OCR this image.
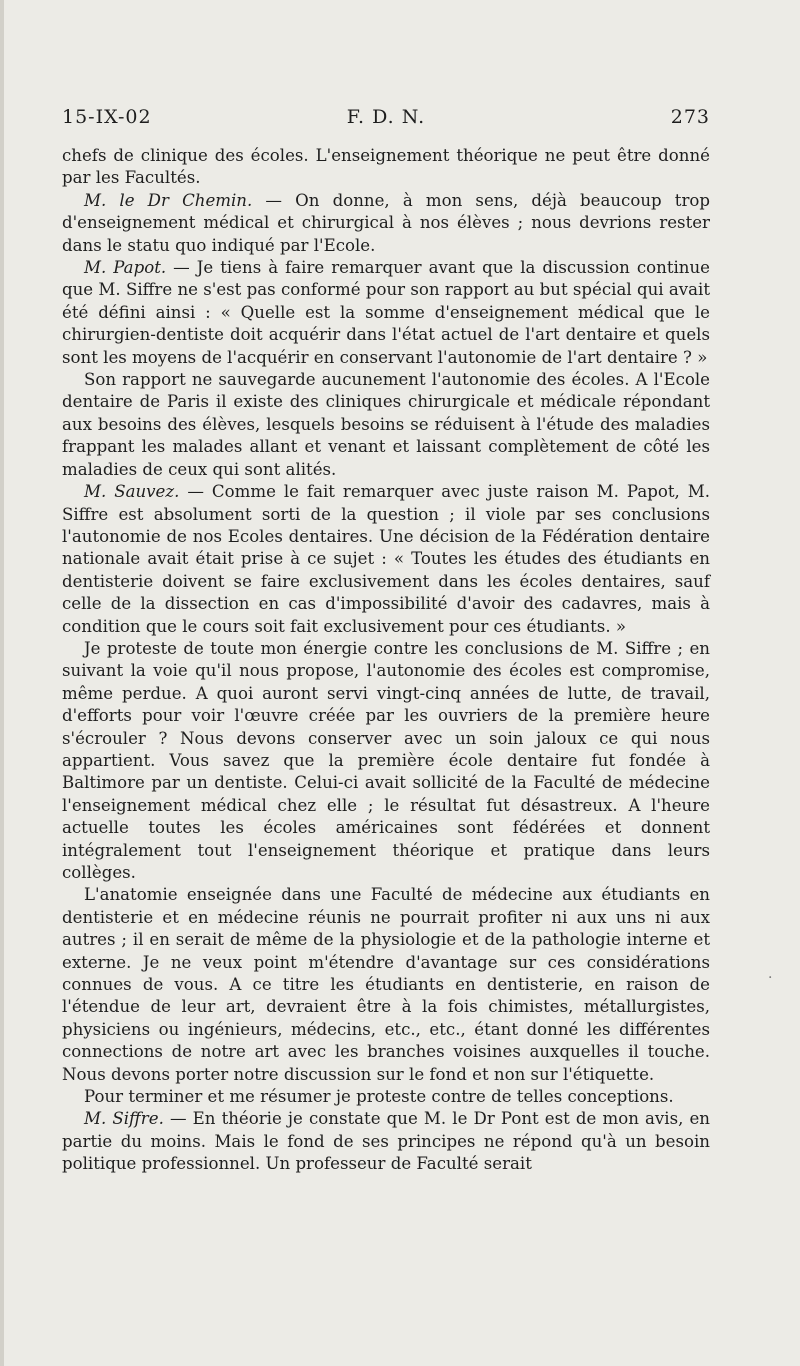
15-IX-02	F. D. N.	273

chefs de clinique des écoles. L'enseignement théorique ne peut être donné par les Facultés.

M. le Dr Chemin. — On donne, à mon sens, déjà beaucoup trop d'enseignement médical et chirurgical à nos élèves ; nous devrions rester dans le statu quo indiqué par l'Ecole.

M. Papot. — Je tiens à faire remarquer avant que la discussion continue que M. Siffre ne s'est pas conformé pour son rapport au but spécial qui avait été défini ainsi : « Quelle est la somme d'enseignement médical que le chirurgien-dentiste doit acquérir dans l'état actuel de l'art dentaire et quels sont les moyens de l'acquérir en conservant l'autonomie de l'art dentaire ? »

Son rapport ne sauvegarde aucunement l'autonomie des écoles. A l'Ecole dentaire de Paris il existe des cliniques chirurgicale et médicale répondant aux besoins des élèves, lesquels besoins se réduisent à l'étude des maladies frappant les malades allant et venant et laissant complètement de côté les maladies de ceux qui sont alités.

M. Sauvez. — Comme le fait remarquer avec juste raison M. Papot, M. Siffre est absolument sorti de la question ; il viole par ses conclusions l'autonomie de nos Ecoles dentaires. Une décision de la Fédération dentaire nationale avait était prise à ce sujet : « Toutes les études des étudiants en dentisterie doivent se faire exclusivement dans les écoles dentaires, sauf celle de la dissection en cas d'impossibilité d'avoir des cadavres, mais à condition que le cours soit fait exclusivement pour ces étudiants. »

Je proteste de toute mon énergie contre les conclusions de M. Siffre ; en suivant la voie qu'il nous propose, l'autonomie des écoles est compromise, même perdue. A quoi auront servi vingt-cinq années de lutte, de travail, d'efforts pour voir l'œuvre créée par les ouvriers de la première heure s'écrouler ? Nous devons conserver avec un soin jaloux ce qui nous appartient. Vous savez que la première école dentaire fut fondée à Baltimore par un dentiste. Celui-ci avait sollicité de la Faculté de médecine l'enseignement médical chez elle ; le résultat fut désastreux. A l'heure actuelle toutes les écoles américaines sont fédérées et donnent intégralement tout l'enseignement théorique et pratique dans leurs collèges.

L'anatomie enseignée dans une Faculté de médecine aux étudiants en dentisterie et en médecine réunis ne pourrait profiter ni aux uns ni aux autres ; il en serait de même de la physiologie et de la pathologie interne et externe. Je ne veux point m'étendre d'avantage sur ces considérations connues de vous. A ce titre les étudiants en dentisterie, en raison de l'étendue de leur art, devraient être à la fois chimistes, métallurgistes, physiciens ou ingénieurs, médecins, etc., etc., étant donné les différentes connections de notre art avec les branches voisines auxquelles il touche. Nous devons porter notre discussion sur le fond et non sur l'étiquette.

Pour terminer et me résumer je proteste contre de telles conceptions.

M. Siffre. — En théorie je constate que M. le Dr Pont est de mon avis, en partie du moins. Mais le fond de ses principes ne répond qu'à un besoin politique professionnel. Un professeur de Faculté serait

·
